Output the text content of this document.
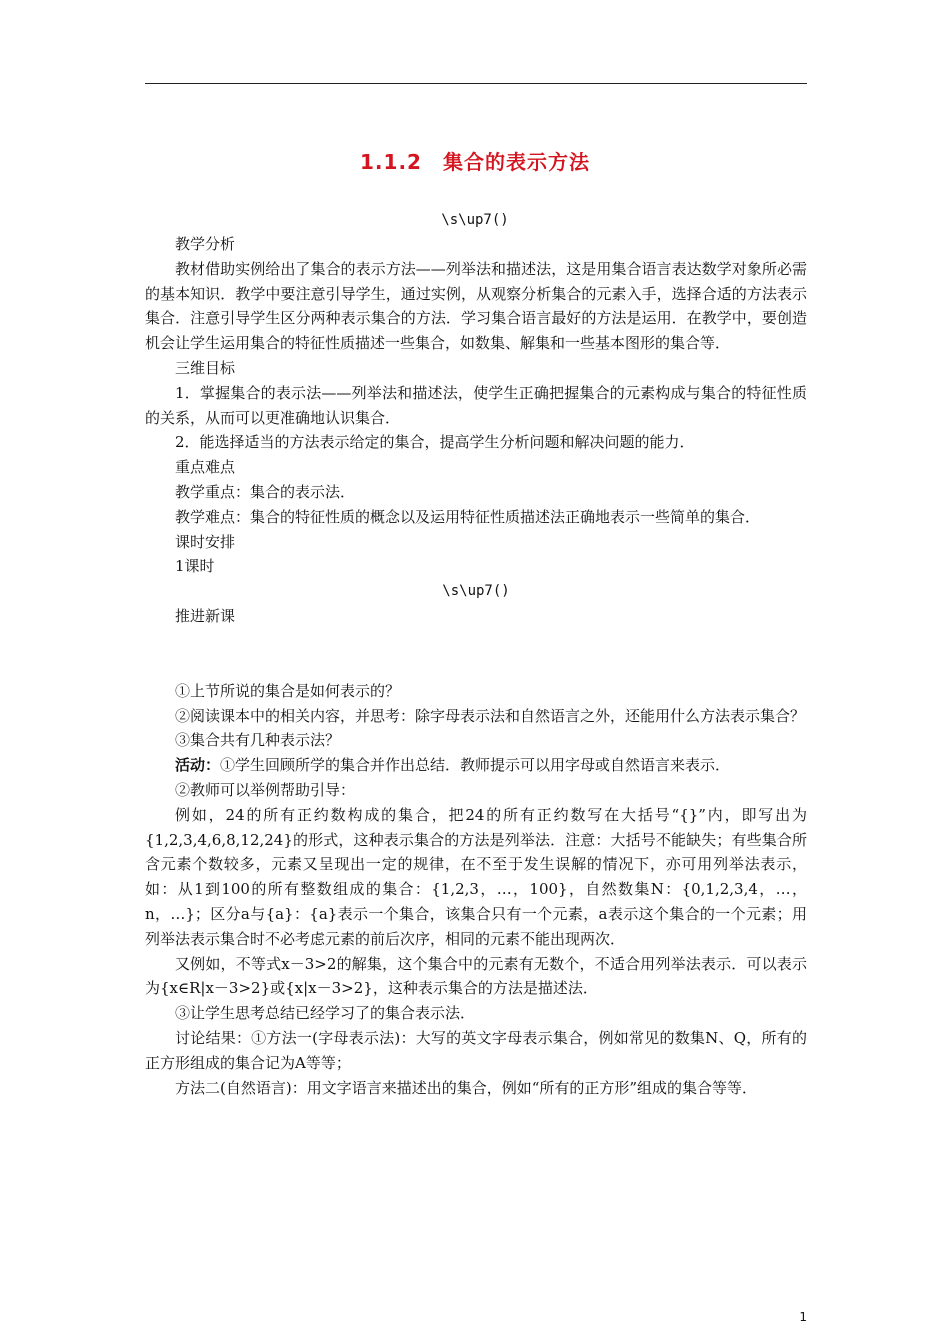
1.1.2　集合的表示方法
\s\up7()

教学分析

教材借助实例给出了集合的表示方法——列举法和描述法，这是用集合语言表达数学对象所必需的基本知识．教学中要注意引导学生，通过实例，从观察分析集合的元素入手，选择合适的方法表示集合．注意引导学生区分两种表示集合的方法．学习集合语言最好的方法是运用．在教学中，要创造机会让学生运用集合的特征性质描述一些集合，如数集、解集和一些基本图形的集合等．

三维目标

1．掌握集合的表示法——列举法和描述法，使学生正确把握集合的元素构成与集合的特征性质的关系，从而可以更准确地认识集合．

2．能选择适当的方法表示给定的集合，提高学生分析问题和解决问题的能力．

重点难点

教学重点：集合的表示法．

教学难点：集合的特征性质的概念以及运用特征性质描述法正确地表示一些简单的集合．

课时安排

1课时

\s\up7()

推进新课

①上节所说的集合是如何表示的？

②阅读课本中的相关内容，并思考：除字母表示法和自然语言之外，还能用什么方法表示集合？

③集合共有几种表示法？

活动：①学生回顾所学的集合并作出总结．教师提示可以用字母或自然语言来表示．

②教师可以举例帮助引导：

例如，24的所有正约数构成的集合，把24的所有正约数写在大括号“{}”内，即写出为{1,2,3,4,6,8,12,24}的形式，这种表示集合的方法是列举法．注意：大括号不能缺失；有些集合所含元素个数较多，元素又呈现出一定的规律，在不至于发生误解的情况下，亦可用列举法表示， 如：从1到100的所有整数组成的集合：{1,2,3，…，100}，自然数集N：{0,1,2,3,4，…，n，…}；区分a与{a}：{a}表示一个集合，该集合只有一个元素，a表示这个集合的一个元素；用列举法表示集合时不必考虑元素的前后次序，相同的元素不能出现两次．

又例如，不等式x－3>2的解集，这个集合中的元素有无数个，不适合用列举法表示．可以表示为{x∈R|x－3>2}或{x|x－3>2}，这种表示集合的方法是描述法．

③让学生思考总结已经学习了的集合表示法．

讨论结果：①方法一(字母表示法)：大写的英文字母表示集合，例如常见的数集N、Q，所有的正方形组成的集合记为A等等；

方法二(自然语言)：用文字语言来描述出的集合，例如“所有的正方形”组成的集合等等．

1
